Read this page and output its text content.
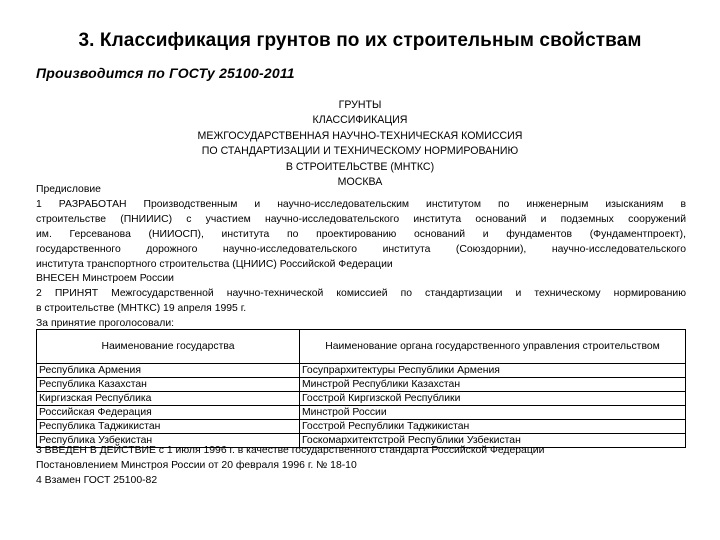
3. Классификация грунтов по их строительным свойствам
Производится по ГОСТу 25100-2011
ГРУНТЫ
КЛАССИФИКАЦИЯ
МЕЖГОСУДАРСТВЕННАЯ НАУЧНО-ТЕХНИЧЕСКАЯ КОМИССИЯ
ПО СТАНДАРТИЗАЦИИ И ТЕХНИЧЕСКОМУ НОРМИРОВАНИЮ
В СТРОИТЕЛЬСТВЕ (МНТКС)
МОСКВА
Предисловие
1 РАЗРАБОТАН Производственным и научно-исследовательским институтом по инженерным изысканиям в
строительстве (ПНИИИС) с участием научно-исследовательского института оснований и подземных сооружений
им. Герсеванова (НИИОСП), института по проектированию оснований и фундаментов (Фундаментпроект),
государственного дорожного научно-исследовательского института (Союздорнии), научно-исследовательского
института транспортного строительства (ЦНИИС) Российской Федерации
ВНЕСЕН Минстроем России
2 ПРИНЯТ Межгосударственной научно-технической комиссией по стандартизации и техническому нормированию
в строительстве (МНТКС) 19 апреля 1995 г.
За принятие проголосовали:
Наименование государства	Наименование органа государственного управления строительством
Республика Армения	Госупрархитектуры Республики Армения
Республика Казахстан	Минстрой Республики Казахстан
Киргизская Республика	Госстрой Киргизской Республики
Российская Федерация	Минстрой России
Республика Таджикистан	Госстрой Республики Таджикистан
Республика Узбекистан	Госкомархитектстрой Республики Узбекистан
3 ВВЕДЕН В ДЕЙСТВИЕ с 1 июля 1996 г. в качестве государственного стандарта Российской Федерации
Постановлением Минстроя России от 20 февраля 1996 г. № 18-10
4 Взамен ГОСТ 25100-82
